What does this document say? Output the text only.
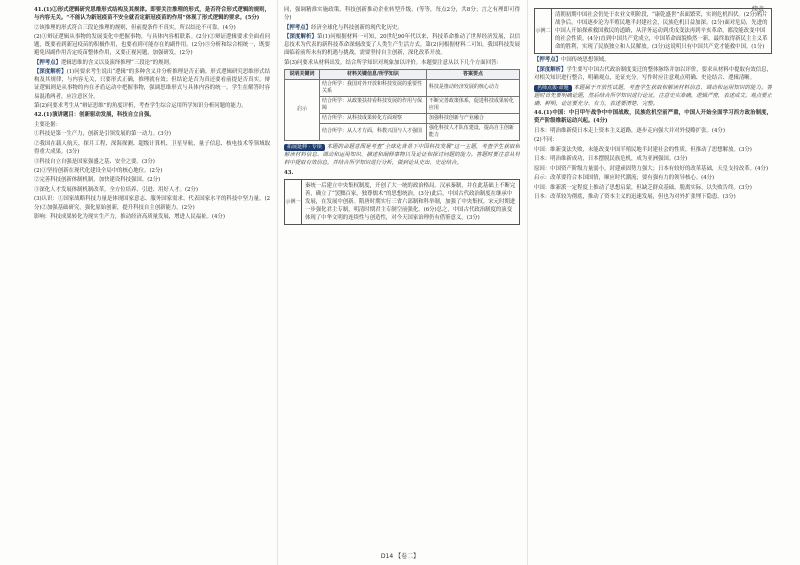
续表

41.(1)①形式逻辑研究思维形式结构及其规律。即要关注推理的形式，是否符合形式逻辑的规则，与内容无关。“不能认为新冠疫苗不安全就否定新冠疫苗的作用”体现了形式逻辑的要求。(5分)

②该推理的形式符合三段论推理的规则，但前提条件不真实，所以结论不可靠。(4分)

(2)①辩证逻辑从事物的发展变化中把握事物，与具体内容相联系。(2分)②辩证逻辑要求全面看问题，既要看到新冠疫苗的积极作用，也要看到可能存在的副作用。(2分)③分析和综合相统一，既要避免因副作用否定疫苗整体作用，又要正视问题，加强研发。(2分)

【押考点】逻辑思维的含义以及演绎推理“三段论”的规则。

【深度解析】(1)问要求考生说出“逻辑”的多种含义并分析推理是否正确。形式逻辑研究思维形式结构及其规律，与内容无关，只要形式正确，推理就有效；但结论是否为真还要看前提是否真实。辩证逻辑则是从事物的内在矛盾运动中把握事物，强调思维形式与具体内容的统一。学生在解答时容易混淆两者，应注意区分。

第(2)问要求考生从“辩证思维”的角度评析，考查学生综合运用所学知识分析问题的能力。

42.(1)演讲题目：创新驱动发展，科技自立自强。

主要论据：

①科技是第一生产力，创新是引领发展的第一动力。(3分)

②我国在载人航天、探月工程、深海探测、超级计算机、卫星导航、量子信息、核电技术等领域取得重大成果。(3分)

③科技自立自强是国家强盛之基、安全之要。(3分)

(2)①坚持创新在现代化建设全局中的核心地位。(2分)

②完善科技创新体制机制，加快建设科技强国。(2分)

③深化人才发展体制机制改革，全方位培养、引进、用好人才。(2分)

(3)认识：①国家战略科技力量是体现国家意志、服务国家需求、代表国家水平的科技中坚力量。(2分)②加强基础研究，强化原始创新，提升科技自主创新能力。(2分)

影响：科技成果转化为现实生产力，推动经济高质量发展，增进人民福祉。(4分)

同，强调精准实施政策，科技创新推动企业转型升级。(等等，每点2分，共8分；言之有理即可得分)

【押考点】经济全球化与科技创新的现代化历史。

【深度解析】第(1)问根据材料一可知，20世纪90年代以来，科技革命推动了世界经济发展，以信息技术为代表的新科技革命深刻改变了人类生产生活方式。第(2)问根据材料二可知，我国科技发展面临着前所未有的机遇与挑战，需要坚持自主创新，深化改革开放。

第(3)问要求从材料出发，结合所学知识对现象加以评价。本题要注意从以下几个方面回答：

说明关键词	材料关键信息/所学知识	答案要点
启示	结合所学：我国对外开放和科技发展的重要性关系	科技是推动经济发展的核心动力
	结合所学：从政策扶持看科技发展的作用与保障	不断完善政策体系，促进科技成果转化应用
	结合所学：从科技成果转化方面观察	加强科技创新与产业融合
	结合所学：从人才方面，科教兴国与人才强国	强化科技人才队伍建设，提高自主创新能力

拓展延伸 · 专项 本题的命题意图是考查“全球化背景下中国科技发展”这一主题，考查学生获取和解读材料信息、调动和运用知识、描述和阐释事物以及论证和探讨问题的能力。答题时要注意从材料中提取有效信息，并结合所学知识进行分析，做到论从史出、史论结合。

43.

示例一
秦统一后建立中央集权制度，开创了大一统的政治格局。汉承秦制，并在此基础上不断完善，确立了“罢黜百家，独尊儒术”的思想统治。(3分)此后，中国古代政治制度在继承中发展，在发展中创新。隋唐时期实行三省六部制和科举制，加强了中央集权。宋元时期进一步强化君主专制，明清时期君主专制空前强化。(6分)总之，中国古代政治制度的演变体现了中华文明的连续性与创造性，对今天国家治理仍有借鉴意义。(3分)
示例二
清朝初期中国社会仍处于农业文明阶段，“康乾盛世”表面繁荣，实则危机四伏。(2分)鸦片战争后，中国逐步沦为半殖民地半封建社会，民族危机日益加深。(2分)面对危局，先进的中国人开始探索救国救民的道路，从洋务运动到戊戌变法再到辛亥革命，都没能改变中国的社会性质。(4分)直到中国共产党成立，中国革命面貌焕然一新，最终取得新民主主义革命的胜利，实现了民族独立和人民解放。(3分)这说明只有中国共产党才能救中国。(1分)

【押考点】中国传统思想领域。

【深度解析】学生要写中国古代政治制度变迁的整体脉络并加以评价，要求从材料中提取有效信息，对相关知识进行整合，明确观点，论证充分。写作时应注意观点明确、史论结合、逻辑清晰。

名师点拨·命题 本题属于开放性试题，考查学生获取和解读材料信息、调动和运用知识的能力。答题时首先要明确论题，然后结合所学知识进行论证，注意史实准确，逻辑严密，表述成文。观点要正确、鲜明，论证要充分、有力，表述要清楚、完整。

44.(1)中国：中日甲午战争中中国战败，民族危机空前严重，中国人开始全面学习西方政治制度，资产阶级维新运动兴起。(4分)

日本：明治维新使日本走上资本主义道路，逐步走向强大并对外侵略扩张。(4分)

(2)不同：

中国：维新变法失败，未能改变中国半殖民地半封建社会的性质，但推动了思想解放。(3分)

日本：明治维新成功，日本摆脱民族危机，成为亚洲强国。(3分)

原因：中国资产阶级力量弱小，封建顽固势力强大；日本有较好的改革基础，天皇支持改革。(4分)

启示：改革要符合本国国情，顺应时代潮流；要有强有力的领导核心。(4分)

中国：维新派一定程度上推动了思想启蒙，但缺乏群众基础，脱离实际，以失败告终。(3分)

日本：改革较为彻底，推动了资本主义的迅速发展，但也为对外扩张埋下隐患。(3分)

D14 【卷二】
